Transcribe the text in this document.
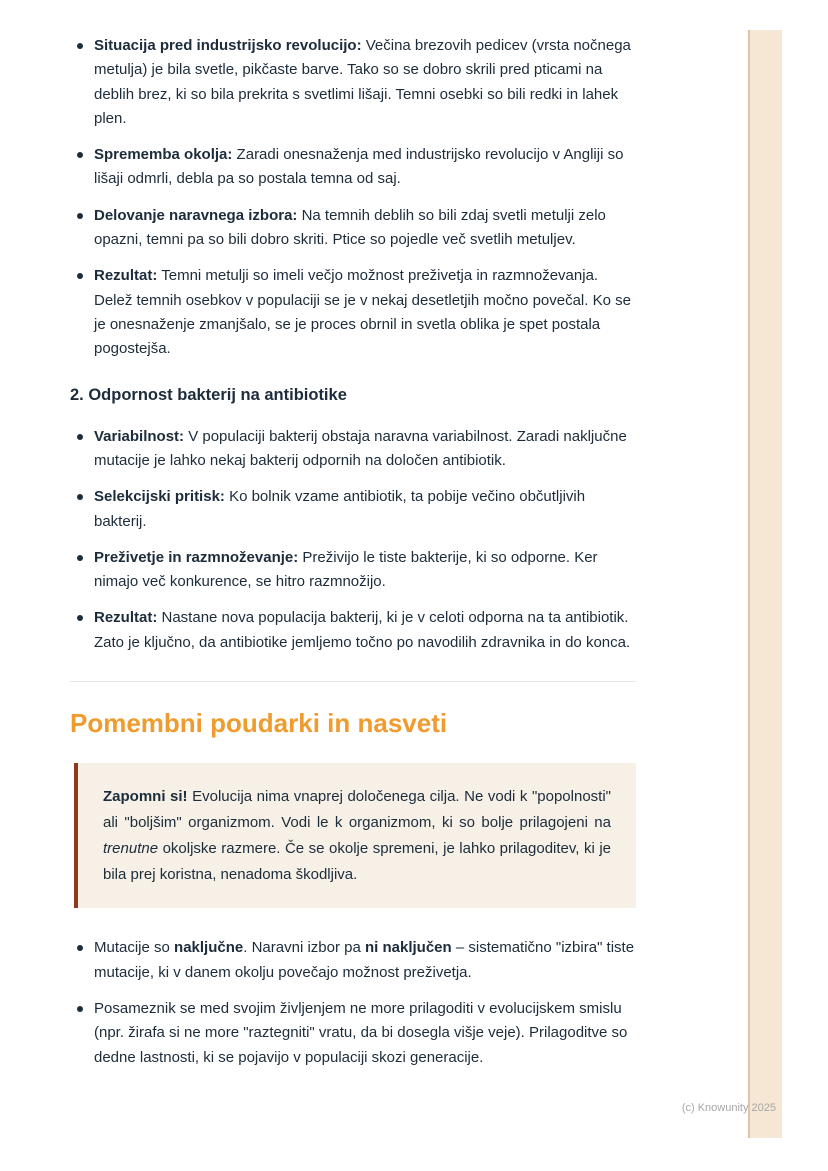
Situacija pred industrijsko revolucijo: Večina brezovih pedicev (vrsta nočnega metulja) je bila svetle, pikčaste barve. Tako so se dobro skrili pred pticami na deblih brez, ki so bila prekrita s svetlimi lišaji. Temni osebki so bili redki in lahek plen.
Sprememba okolja: Zaradi onesnaženja med industrijsko revolucijo v Angliji so lišaji odmrli, debla pa so postala temna od saj.
Delovanje naravnega izbora: Na temnih deblih so bili zdaj svetli metulji zelo opazni, temni pa so bili dobro skriti. Ptice so pojedle več svetlih metuljev.
Rezultat: Temni metulji so imeli večjo možnost preživetja in razmnoževanja. Delež temnih osebkov v populaciji se je v nekaj desetletjih močno povečal. Ko se je onesnaženje zmanjšalo, se je proces obrnil in svetla oblika je spet postala pogostejša.
2. Odpornost bakterij na antibiotike
Variabilnost: V populaciji bakterij obstaja naravna variabilnost. Zaradi naključne mutacije je lahko nekaj bakterij odpornih na določen antibiotik.
Selekcijski pritisk: Ko bolnik vzame antibiotik, ta pobije večino občutljivih bakterij.
Preživetje in razmnoževanje: Preživijo le tiste bakterije, ki so odporne. Ker nimajo več konkurence, se hitro razmnožijo.
Rezultat: Nastane nova populacija bakterij, ki je v celoti odporna na ta antibiotik. Zato je ključno, da antibiotike jemljemo točno po navodilih zdravnika in do konca.
Pomembni poudarki in nasveti

Zapomni si! Evolucija nima vnaprej določenega cilja. Ne vodi k "popolnosti" ali "boljšim" organizmom. Vodi le k organizmom, ki so bolje prilagojeni na trenutne okoljske razmere. Če se okolje spremeni, je lahko prilagoditev, ki je bila prej koristna, nenadoma škodljiva.

Mutacije so naključne. Naravni izbor pa ni naključen – sistematično "izbira" tiste mutacije, ki v danem okolju povečajo možnost preživetja.
Posameznik se med svojim življenjem ne more prilagoditi v evolucijskem smislu (npr. žirafa si ne more "raztegniti" vratu, da bi dosegla višje veje). Prilagoditve so dedne lastnosti, ki se pojavijo v populaciji skozi generacije.
(c) Knowunity 2025
